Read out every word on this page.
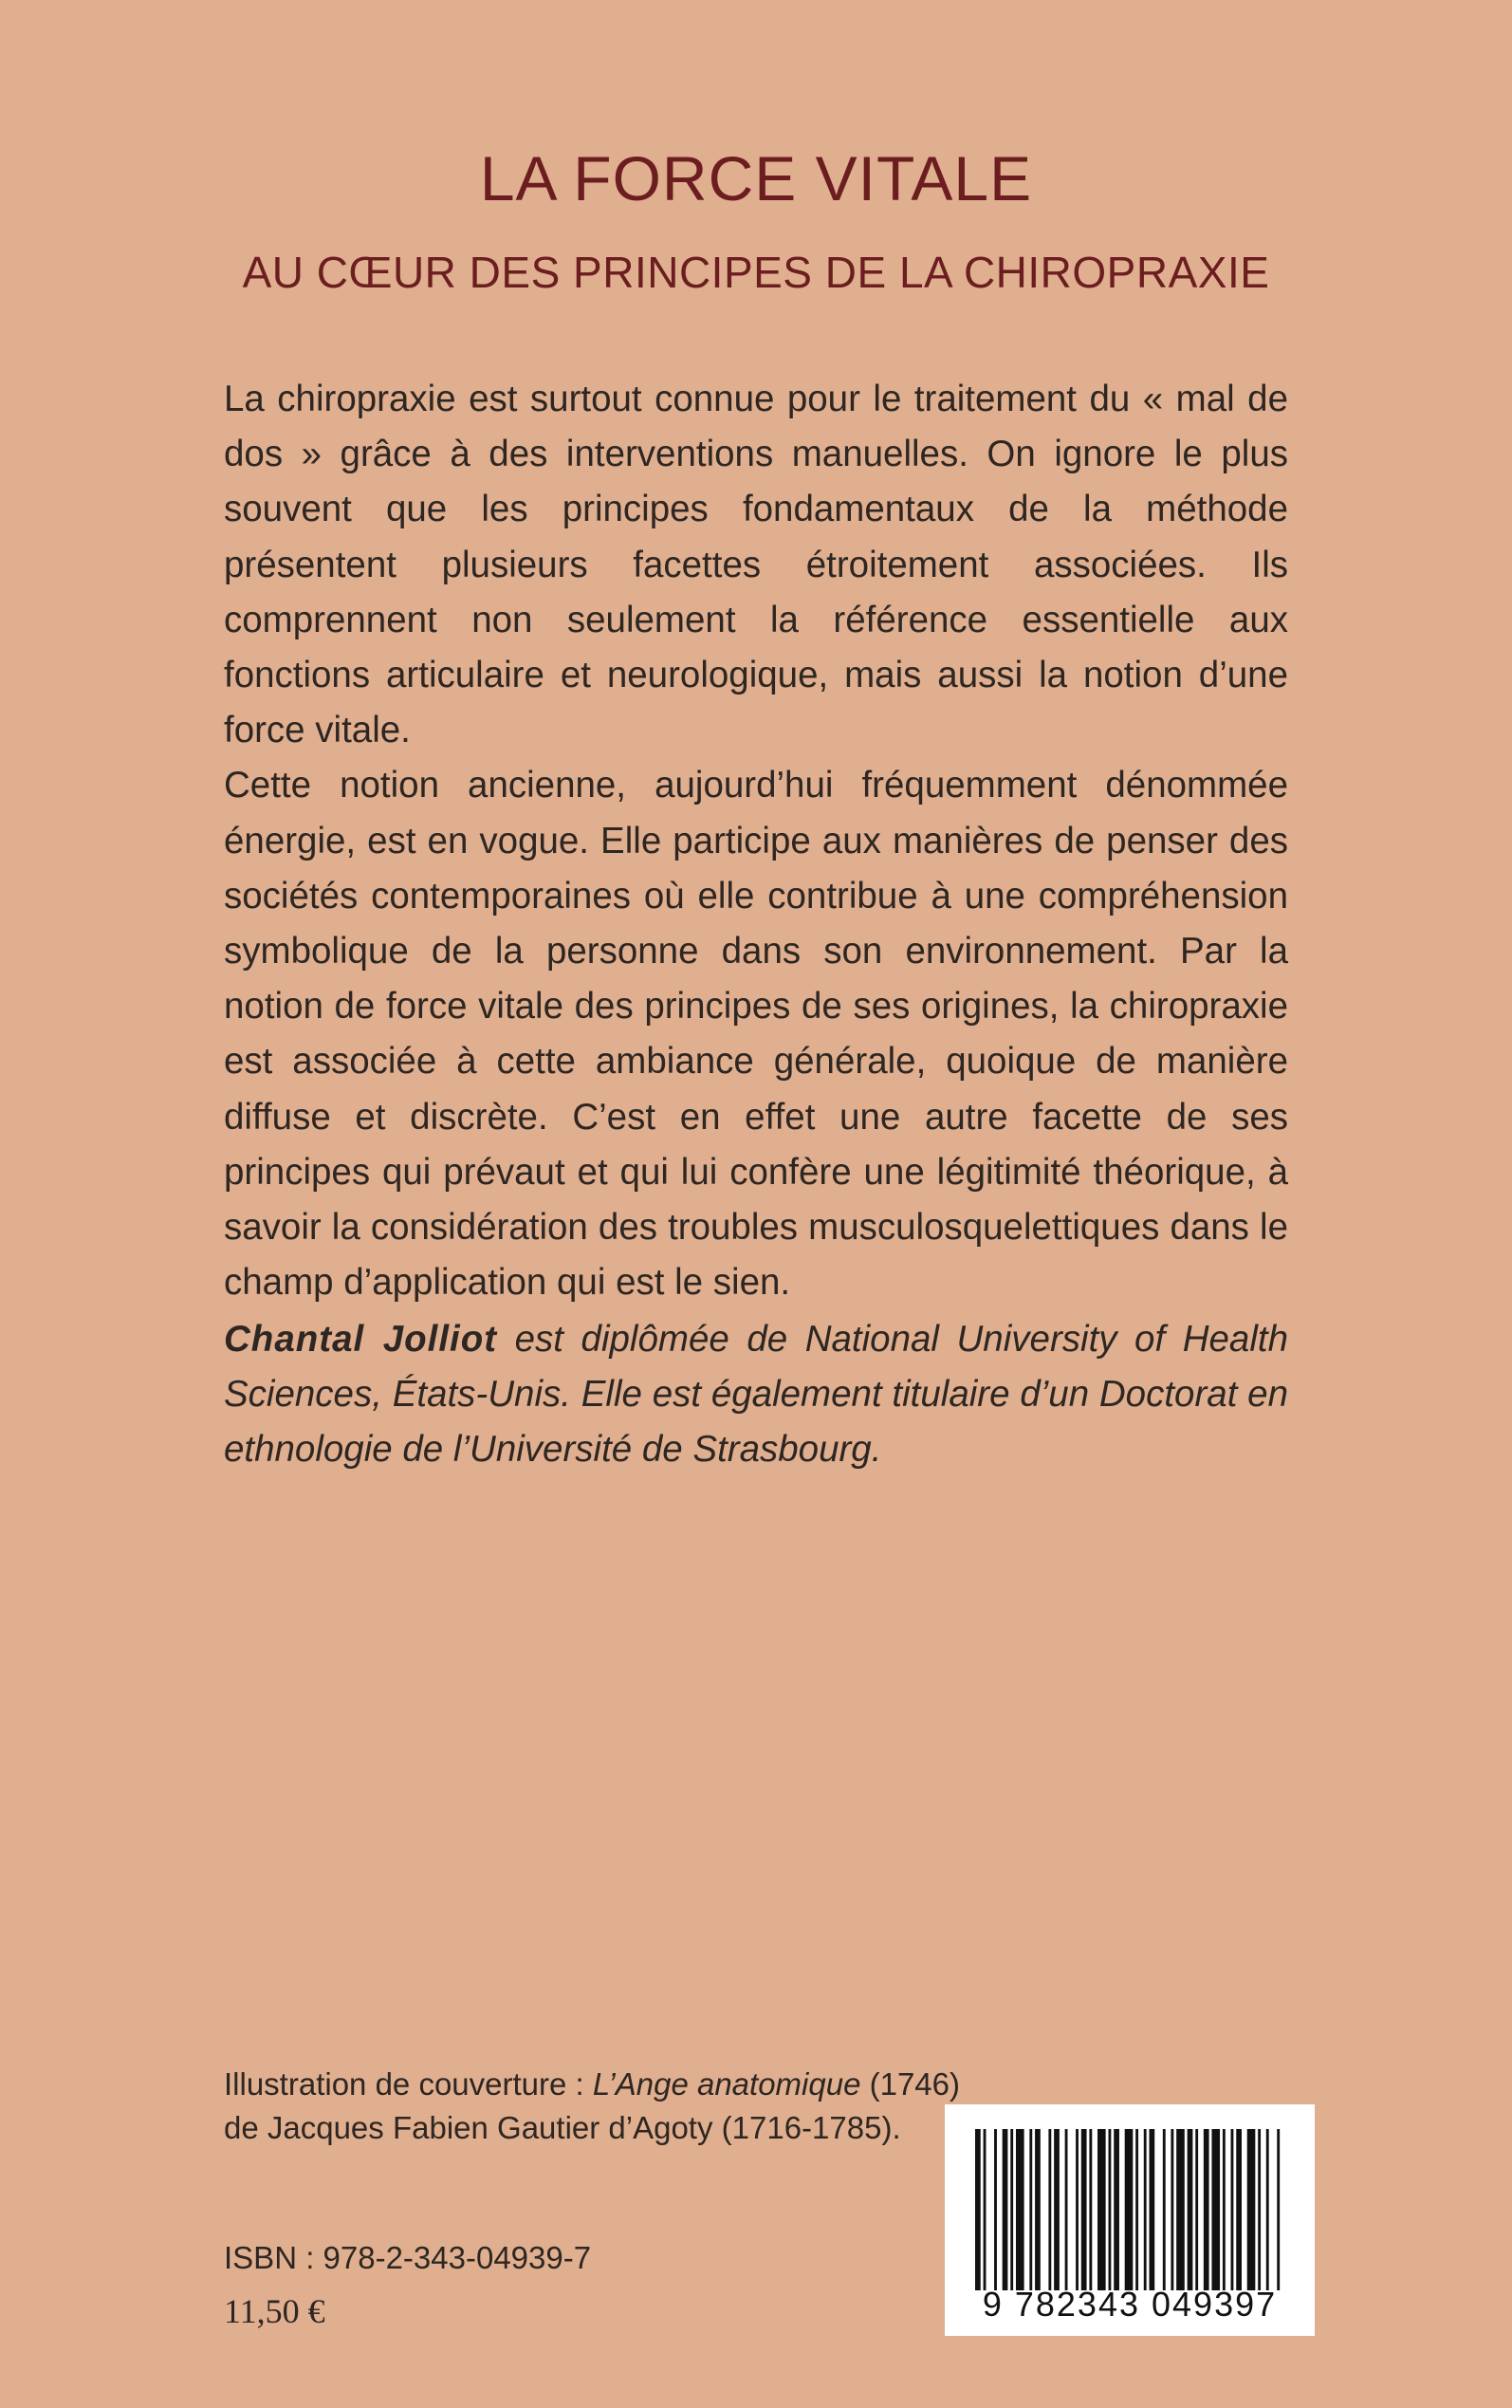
LA FORCE VITALE
AU CŒUR DES PRINCIPES DE LA CHIROPRAXIE

La chiropraxie est surtout connue pour le traitement du « mal de dos » grâce à des interventions manuelles. On ignore le plus souvent que les principes fondamentaux de la méthode présentent plusieurs facettes étroitement associées. Ils comprennent non seulement la référence essentielle aux fonctions articulaire et neurologique, mais aussi la notion d’une force vitale.

Cette notion ancienne, aujourd’hui fréquemment dénommée énergie, est en vogue. Elle participe aux manières de penser des sociétés contemporaines où elle contribue à une compréhension symbolique de la personne dans son environnement. Par la notion de force vitale des principes de ses origines, la chiropraxie est associée à cette ambiance générale, quoique de manière diffuse et discrète. C’est en effet une autre facette de ses principes qui prévaut et qui lui confère une légitimité théorique, à savoir la considération des troubles musculosquelettiques dans le champ d’application qui est le sien.

Chantal Jolliot est diplômée de National University of Health Sciences, États-Unis. Elle est également titulaire d’un Doctorat en ethnologie de l’Université de Strasbourg.
Illustration de couverture : L’Ange anatomique (1746) de Jacques Fabien Gautier d’Agoty (1716-1785).
ISBN : 978-2-343-04939-7
11,50 €	9 782343 049397
